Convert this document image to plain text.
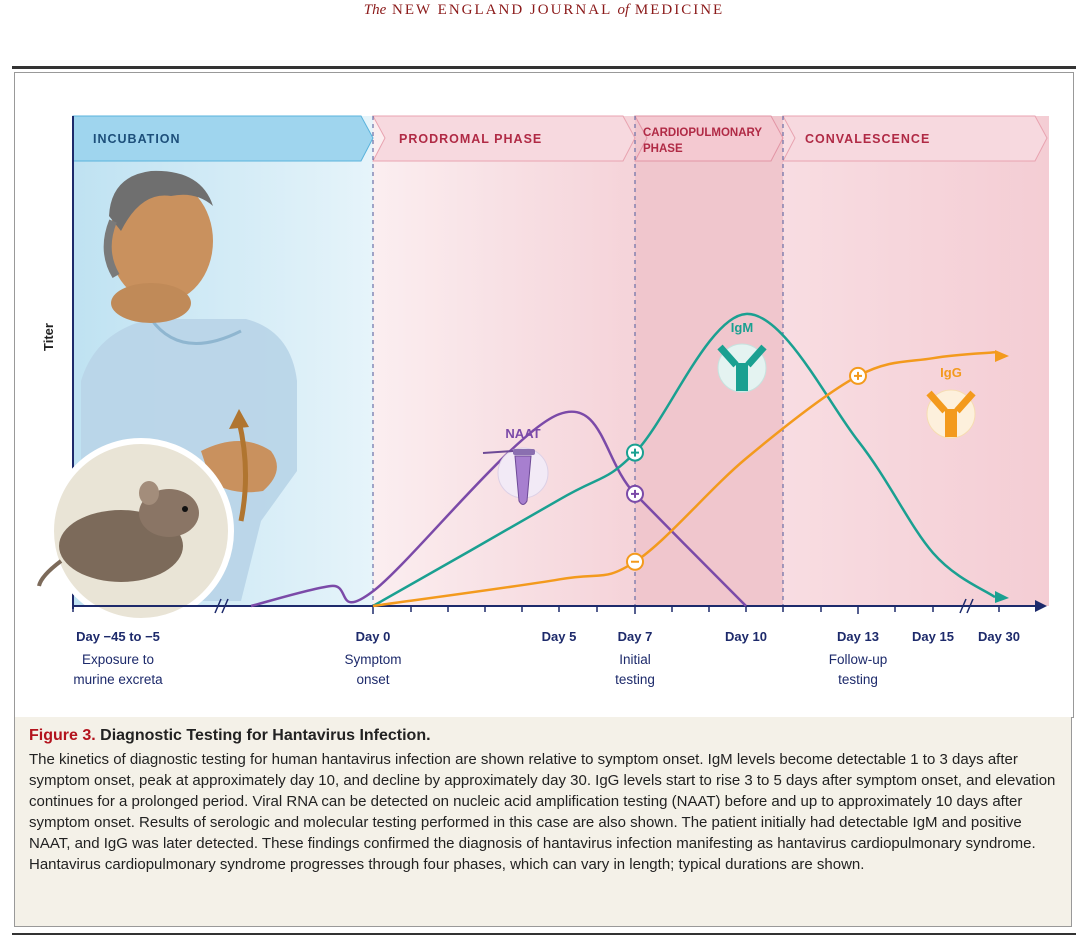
The NEW ENGLAND JOURNAL of MEDICINE
INCUBATION	PRODROMAL PHASE	CARDIOPULMONARY
PHASE
CONVALESCENCE
Titer
NAAT
IgM
IgG
Day −45 to −5
Exposure to
murine excreta
Day 0
Symptom
onset
Day 5	Day 7
Initial
testing
Day 10	Day 13
Follow-up
testing
Day 15 Day 30
Figure 3. Diagnostic Testing for Hantavirus Infection.
The kinetics of diagnostic testing for human hantavirus infection are shown relative to symptom onset. IgM levels become detectable 1 to 3 days after symptom onset, peak at approximately day 10, and decline by approximately day 30. IgG levels start to rise 3 to 5 days after symptom onset, and elevation continues for a prolonged period. Viral RNA can be detected on nucleic acid amplification testing (NAAT) before and up to approximately 10 days after symptom onset. Results of serologic and molecular testing performed in this case are also shown. The patient initially had detectable IgM and positive NAAT, and IgG was later detected. These findings confirmed the diagnosis of hantavirus infection manifesting as hantavirus cardiopulmonary syndrome. Hantavirus cardiopulmonary syndrome progresses through four phases, which can vary in length; typical durations are shown.
